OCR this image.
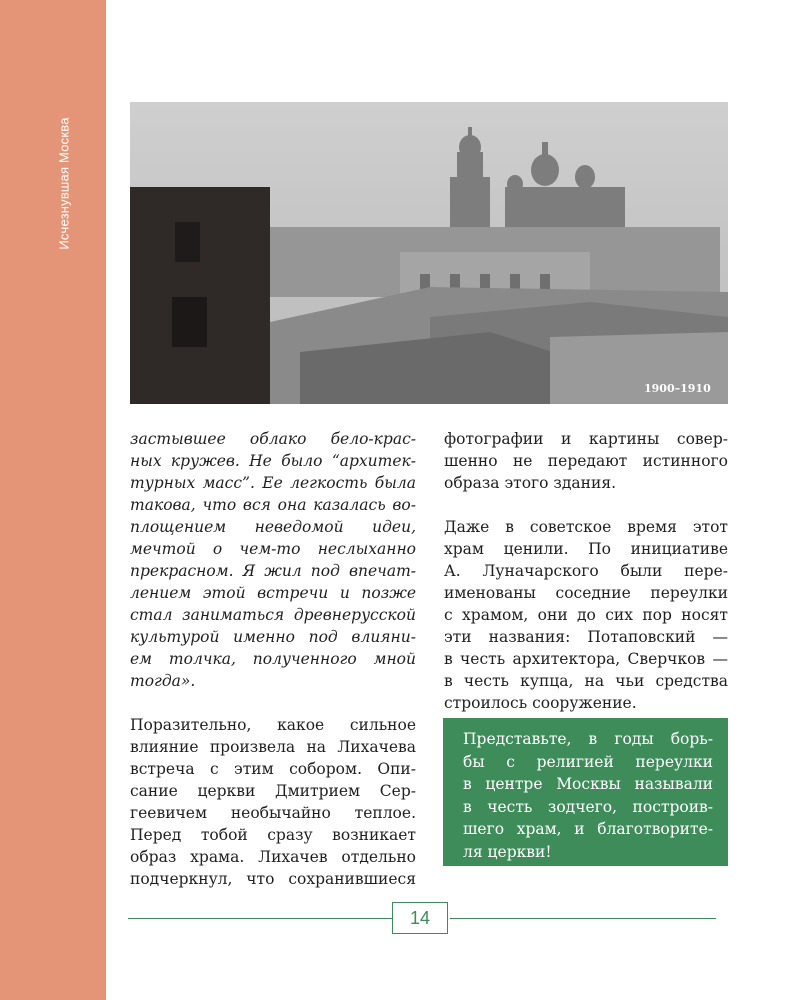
Исчезнувшая Москва
1900–1910

застывшее облако бело-крас-
ных кружев. Не было “архитек-
турных масс”. Ее легкость была
такова, что вся она казалась во-
площением неведомой идеи,
мечтой о чем-то неслыханно
прекрасном. Я жил под впечат-
лением этой встречи и позже
стал заниматься древнерусской
культурой именно под влияни-
ем толчка, полученного мной
тогда».

Поразительно, какое сильное
влияние произвела на Лихачева
встреча с этим собором. Опи-
сание церкви Дмитрием Сер-
геевичем необычайно теплое.
Перед тобой сразу возникает
образ храма. Лихачев отдельно
подчеркнул, что сохранившиеся

фотографии и картины совер-
шенно не передают истинного
образа этого здания.

Даже в советское время этот
храм ценили. По инициативе
А. Луначарского были пере-
именованы соседние переулки
с храмом, они до сих пор носят
эти названия: Потаповский —
в честь архитектора, Сверчков —
в честь купца, на чьи средства
строилось сооружение.

Представьте, в годы борь-
бы с религией переулки
в центре Москвы называли
в честь зодчего, построив-
шего храм, и благотворите-
ля церкви!
14
